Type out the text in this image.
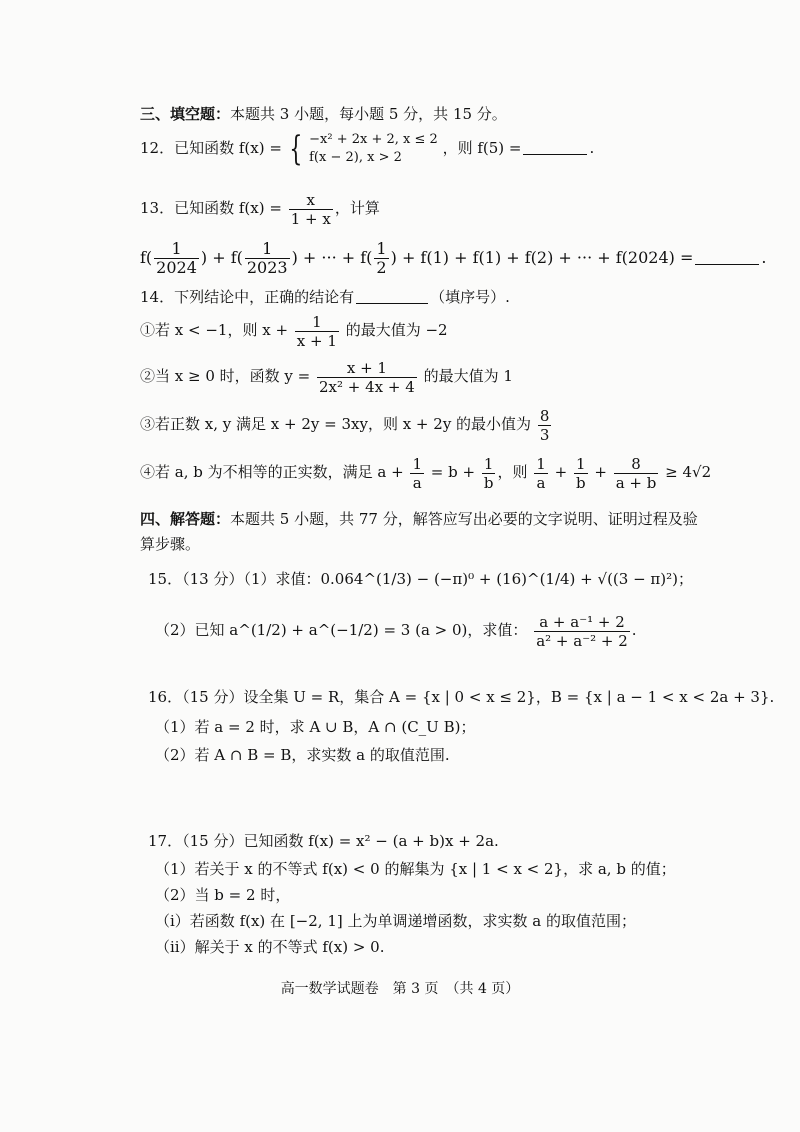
三、填空题：本题共 3 小题，每小题 5 分，共 15 分。
12．已知函数 f(x) = { −x² + 2x + 2, x ≤ 2
f(x − 2), x > 2
，则 f(5) =	.
13．已知函数 $f(x) = \frac{x}{1 + x}$ ，计算
$f( \frac{1}{2024}$ ) + $f( \frac{1}{2023}$ ) + ··· + $f( \frac{1}{2}$ ) + f(1) + f(1) + f(2) + ··· + f(2024) =	.
14．下列结论中，正确的结论有	（填序号）.
①若 x < −1，则 $x + \frac{1}{x + 1}$ 的最大值为 −2
②当 x ≥ 0 时，函数 $y = \frac{x + 1}{\text{2x² + 4x + 4}}$ 的最大值为 1
③若正数 x, y 满足 x + 2y = 3xy，则 x + 2y 的最小值为 $\frac{8}{3}$
④若 a, b 为不相等的正实数，满足 $a + \frac{1}{a} = b + \frac{1}{b}$ ，则 $\frac{1}{a} + \frac{1}{b} + \frac{8}{a + b} \ge 4√2$
四、解答题：本题共 5 小题，共 77 分，解答应写出必要的文字说明、证明过程及验
算步骤。
15．（13 分）（1）求值：0.064^(1/3) − (−π)⁰ + (16)^(1/4) + √((3 − π)²)；
（2）已知 a^(1/2) + a^(−1/2) = 3 (a > 0)，求值： $\frac{\text{a + a⁻¹ + 2}}{\text{a² + a⁻² + 2}}$ .
16．（15 分）设全集 U = R，集合 A = {x | 0 < x ≤ 2}，B = {x | a − 1 < x < 2a + 3}.
（1）若 a = 2 时，求 A ∪ B，A ∩ (C_U B)；
（2）若 A ∩ B = B，求实数 a 的取值范围.
17．（15 分）已知函数 f(x) = x² − (a + b)x + 2a.
（1）若关于 x 的不等式 f(x) < 0 的解集为 {x | 1 < x < 2}，求 a, b 的值；
（2）当 b = 2 时，
（i）若函数 f(x) 在 [−2, 1] 上为单调递增函数，求实数 a 的取值范围；
（ii）解关于 x 的不等式 f(x) > 0.
高一数学试题卷　第 3 页　（共 4 页）
